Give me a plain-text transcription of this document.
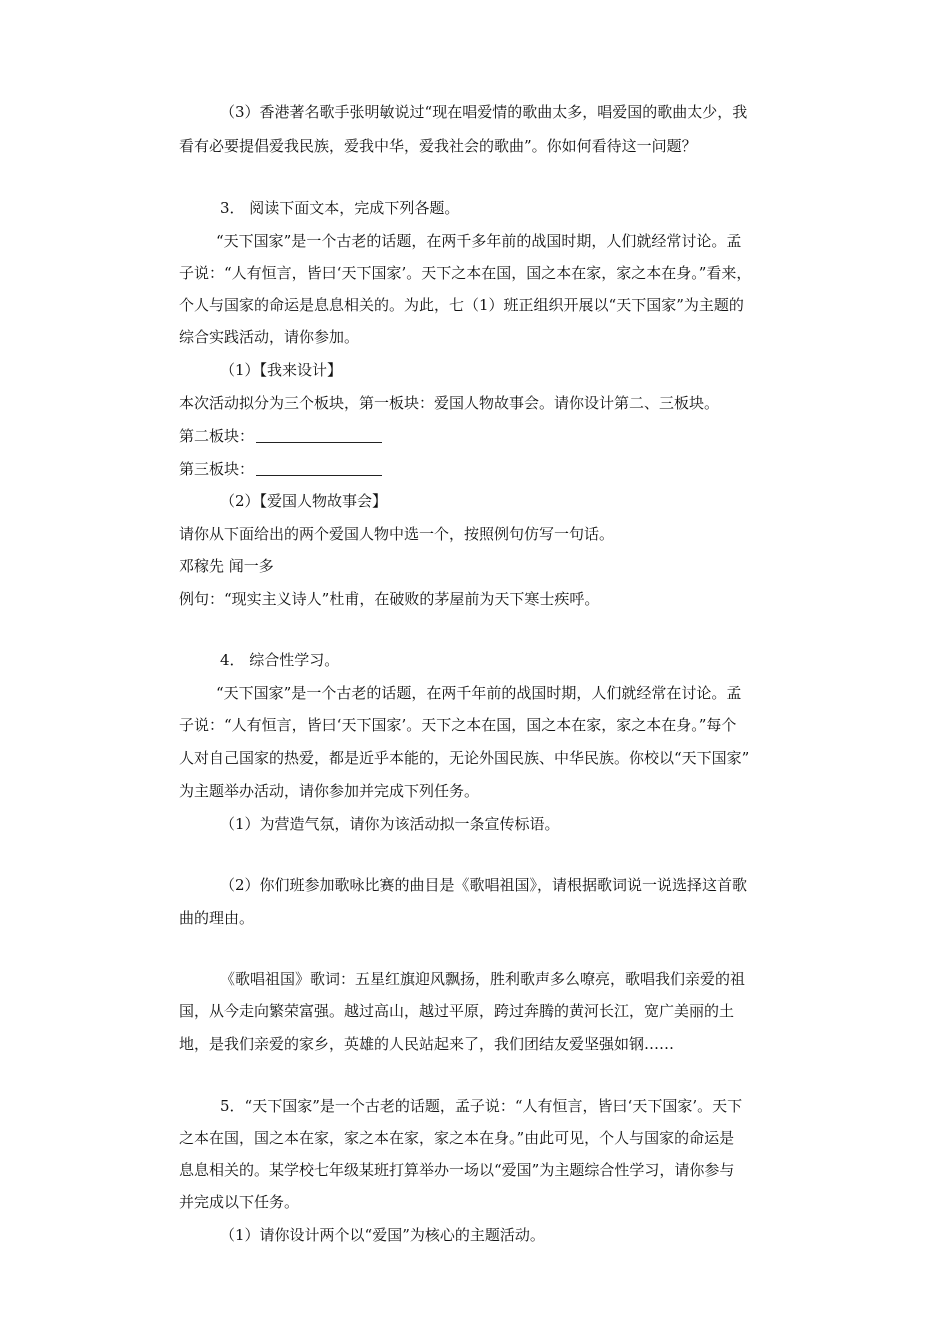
（3）香港著名歌手张明敏说过“现在唱爱情的歌曲太多，唱爱国的歌曲太少，我
看有必要提倡爱我民族，爱我中华，爱我社会的歌曲”。你如何看待这一问题？
3． 阅读下面文本，完成下列各题。
“天下国家”是一个古老的话题，在两千多年前的战国时期，人们就经常讨论。孟
子说：“人有恒言，皆曰‘天下国家’。天下之本在国，国之本在家，家之本在身。”看来，
个人与国家的命运是息息相关的。为此，七（1）班正组织开展以“天下国家”为主题的
综合实践活动，请你参加。
（1）【我来设计】
本次活动拟分为三个板块，第一板块：爱国人物故事会。请你设计第二、三板块。
第二板块：
第三板块：
（2）【爱国人物故事会】
请你从下面给出的两个爱国人物中选一个，按照例句仿写一句话。
邓稼先 闻一多
例句：“现实主义诗人”杜甫，在破败的茅屋前为天下寒士疾呼。
4． 综合性学习。
“天下国家”是一个古老的话题，在两千年前的战国时期，人们就经常在讨论。孟
子说：“人有恒言，皆曰‘天下国家’。天下之本在国，国之本在家，家之本在身。”每个
人对自己国家的热爱，都是近乎本能的，无论外国民族、中华民族。你校以“天下国家”
为主题举办活动，请你参加并完成下列任务。
（1）为营造气氛，请你为该活动拟一条宣传标语。
（2）你们班参加歌咏比赛的曲目是《歌唱祖国》，请根据歌词说一说选择这首歌
曲的理由。
《歌唱祖国》歌词：五星红旗迎风飘扬，胜利歌声多么嘹亮，歌唱我们亲爱的祖
国，从今走向繁荣富强。越过高山，越过平原，跨过奔腾的黄河长江，宽广美丽的土
地，是我们亲爱的家乡，英雄的人民站起来了，我们团结友爱坚强如钢……
5．“天下国家”是一个古老的话题，孟子说：“人有恒言，皆曰‘天下国家’。天下
之本在国，国之本在家，家之本在家，家之本在身。”由此可见，个人与国家的命运是
息息相关的。某学校七年级某班打算举办一场以“爱国”为主题综合性学习，请你参与
并完成以下任务。
（1）请你设计两个以“爱国”为核心的主题活动。
